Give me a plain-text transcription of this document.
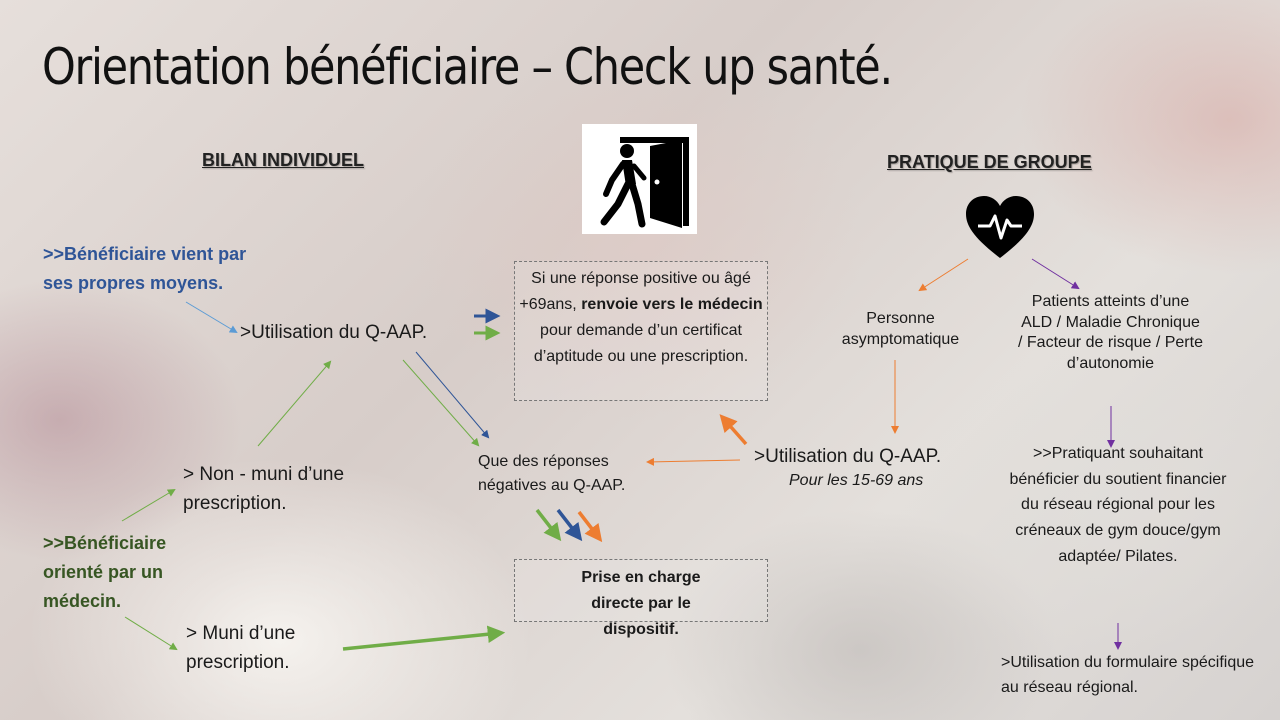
Orientation bénéficiaire – Check up santé.
BILAN INDIVIDUEL
>>Bénéficiaire vient par ses propres moyens.
>Utilisation du Q-AAP.
> Non - muni d’une prescription.
>>Bénéficiaire orienté par un médecin.
> Muni d’une prescription.
Si une réponse positive ou âgé +69ans, renvoie vers le médecin pour demande d’un certificat d’aptitude ou une prescription.
Que des réponses négatives au Q-AAP.
Prise en charge directe par le dispositif.
PRATIQUE DE GROUPE
Personne asymptomatique
Patients atteints d’une ALD / Maladie Chronique / Facteur de risque / Perte d’autonomie
>Utilisation du Q-AAP.
Pour les 15-69 ans
>>Pratiquant souhaitant bénéficier du soutient financier du réseau régional pour les créneaux de gym douce/gym adaptée/ Pilates.
>Utilisation du formulaire spécifique au réseau régional.
